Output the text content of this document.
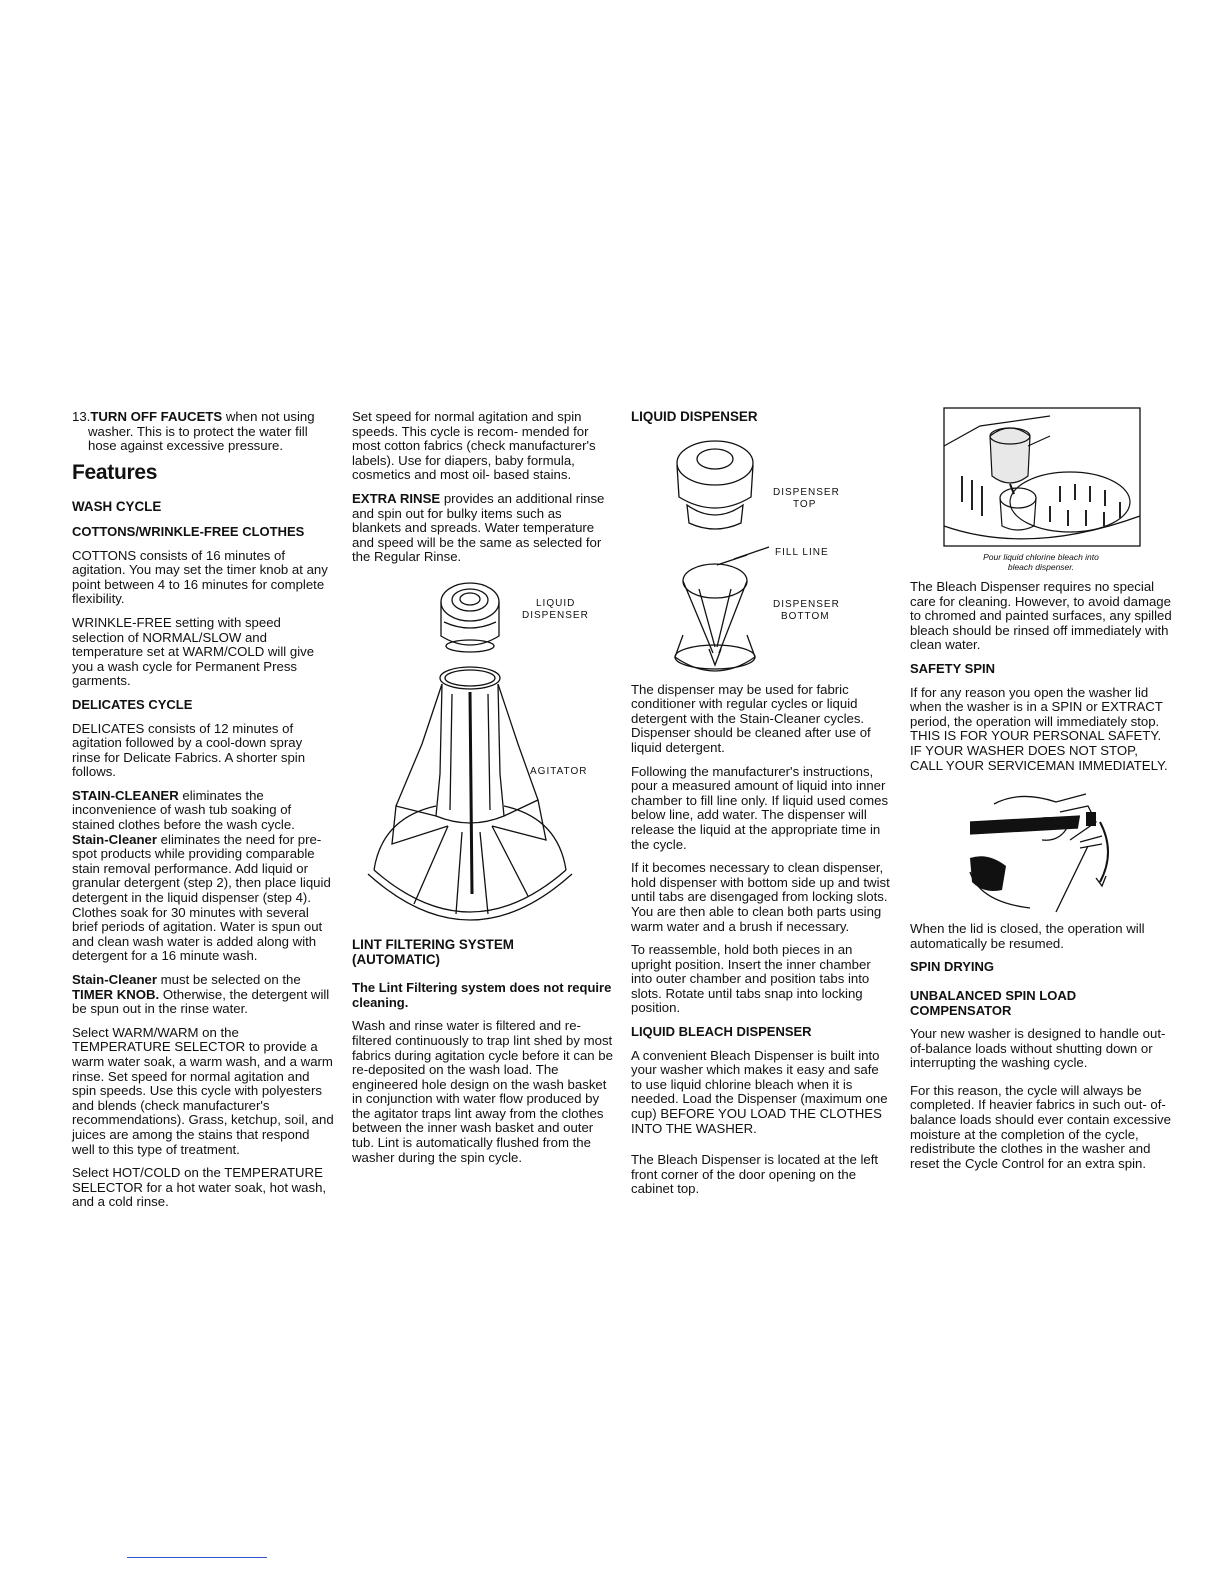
13.TURN OFF FAUCETS when not using washer. This is to protect the water fill hose against excessive pressure.

Features
WASH CYCLE
COTTONS/WRINKLE-FREE CLOTHES

COTTONS consists of 16 minutes of agitation. You may set the timer knob at any point between 4 to 16 minutes for complete flexibility.

WRINKLE-FREE setting with speed selection of NORMAL/SLOW and temperature set at WARM/COLD will give you a wash cycle for Permanent Press garments.

DELICATES CYCLE

DELICATES consists of 12 minutes of agitation followed by a cool-down spray rinse for Delicate Fabrics. A shorter spin follows.

STAIN-CLEANER eliminates the inconvenience of wash tub soaking of stained clothes before the wash cycle. Stain-Cleaner eliminates the need for pre-spot products while providing comparable stain removal performance. Add liquid or granular detergent (step 2), then place liquid detergent in the liquid dispenser (step 4). Clothes soak for 30 minutes with several brief periods of agitation. Water is spun out and clean wash water is added along with detergent for a 16 minute wash.

Stain-Cleaner must be selected on the TIMER KNOB. Otherwise, the detergent will be spun out in the rinse water.

Select WARM/WARM on the TEMPERATURE SELECTOR to provide a warm water soak, a warm wash, and a warm rinse. Set speed for normal agitation and spin speeds. Use this cycle with polyesters and blends (check manufacturer's recommendations). Grass, ketchup, soil, and juices are among the stains that respond well to this type of treatment.

Select HOT/COLD on the TEMPERATURE SELECTOR for a hot water soak, hot wash, and a cold rinse.

Set speed for normal agitation and spin speeds. This cycle is recom- mended for most cotton fabrics (check manufacturer's labels). Use for diapers, baby formula, cosmetics and most oil- based stains.

EXTRA RINSE provides an additional rinse and spin out for bulky items such as blankets and spreads. Water temperature and speed will be the same as selected for the Regular Rinse.

LIQUID
DISPENSER
AGITATOR
LINT FILTERING SYSTEM
(AUTOMATIC)
The Lint Filtering system does not require cleaning.

Wash and rinse water is filtered and re- filtered continuously to trap lint shed by most fabrics during agitation cycle before it can be re-deposited on the wash load. The engineered hole design on the wash basket in conjunction with water flow produced by the agitator traps lint away from the clothes between the inner wash basket and outer tub. Lint is automatically flushed from the washer during the spin cycle.

LIQUID DISPENSER
DISPENSER
TOP
FILL LINE
DISPENSER
BOTTOM

The dispenser may be used for fabric conditioner with regular cycles or liquid detergent with the Stain-Cleaner cycles. Dispenser should be cleaned after use of liquid detergent.

Following the manufacturer's instructions, pour a measured amount of liquid into inner chamber to fill line only. If liquid used comes below line, add water. The dispenser will release the liquid at the appropriate time in the cycle.

If it becomes necessary to clean dispenser, hold dispenser with bottom side up and twist until tabs are disengaged from locking slots. You are then able to clean both parts using warm water and a brush if necessary.

To reassemble, hold both pieces in an upright position. Insert the inner chamber into outer chamber and position tabs into slots. Rotate until tabs snap into locking position.

LIQUID BLEACH DISPENSER

A convenient Bleach Dispenser is built into your washer which makes it easy and safe to use liquid chlorine bleach when it is needed. Load the Dispenser (maximum one cup) BEFORE YOU LOAD THE CLOTHES INTO THE WASHER.

The Bleach Dispenser is located at the left front corner of the door opening on the cabinet top.

Pour liquid chlorine bleach into
bleach dispenser.

The Bleach Dispenser requires no special care for cleaning. However, to avoid damage to chromed and painted surfaces, any spilled bleach should be rinsed off immediately with clean water.

SAFETY SPIN

If for any reason you open the washer lid when the washer is in a SPIN or EXTRACT period, the operation will immediately stop. THIS IS FOR YOUR PERSONAL SAFETY. IF YOUR WASHER DOES NOT STOP, CALL YOUR SERVICEMAN IMMEDIATELY.

When the lid is closed, the operation will automatically be resumed.

SPIN DRYING
UNBALANCED SPIN LOAD COMPENSATOR

Your new washer is designed to handle out-of-balance loads without shutting down or interrupting the washing cycle.

For this reason, the cycle will always be completed. If heavier fabrics in such out- of-balance loads should ever contain excessive moisture at the completion of the cycle, redistribute the clothes in the washer and reset the Cycle Control for an extra spin.
